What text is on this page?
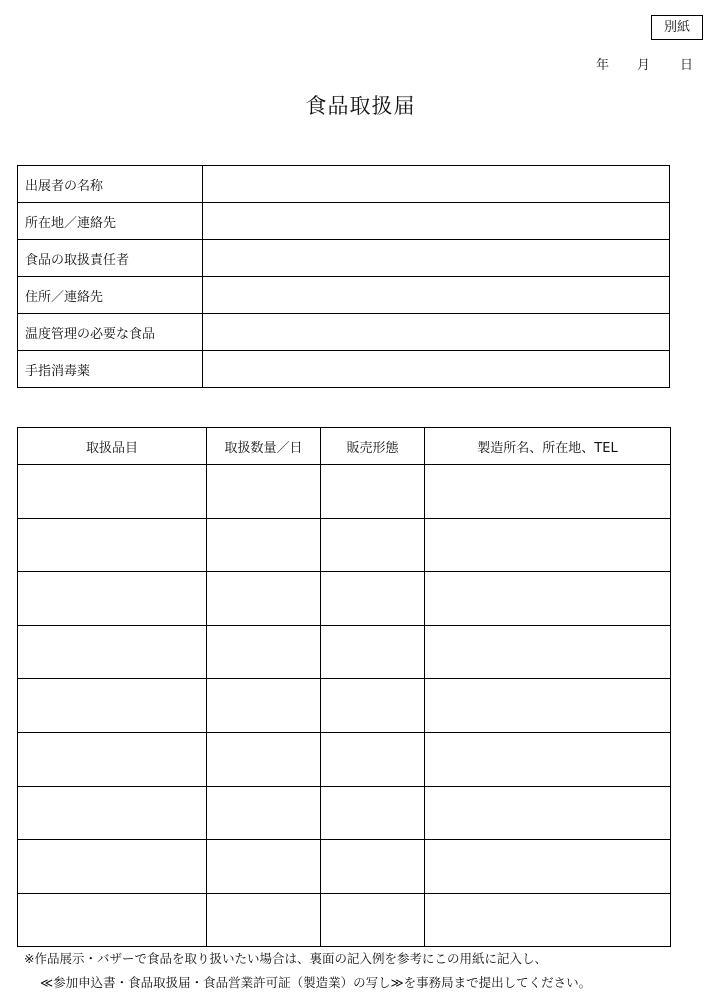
別紙
年 月 日
食品取扱届
出展者の名称	
所在地／連絡先	
食品の取扱責任者	
住所／連絡先	
温度管理の必要な食品	
手指消毒薬	
取扱品目	取扱数量／日	販売形態	製造所名、所在地、TEL

※作品展示・バザーで食品を取り扱いたい場合は、裏面の記入例を参考にこの用紙に記入し、
≪参加申込書・食品取扱届・食品営業許可証（製造業）の写し≫を事務局まで提出してください。
